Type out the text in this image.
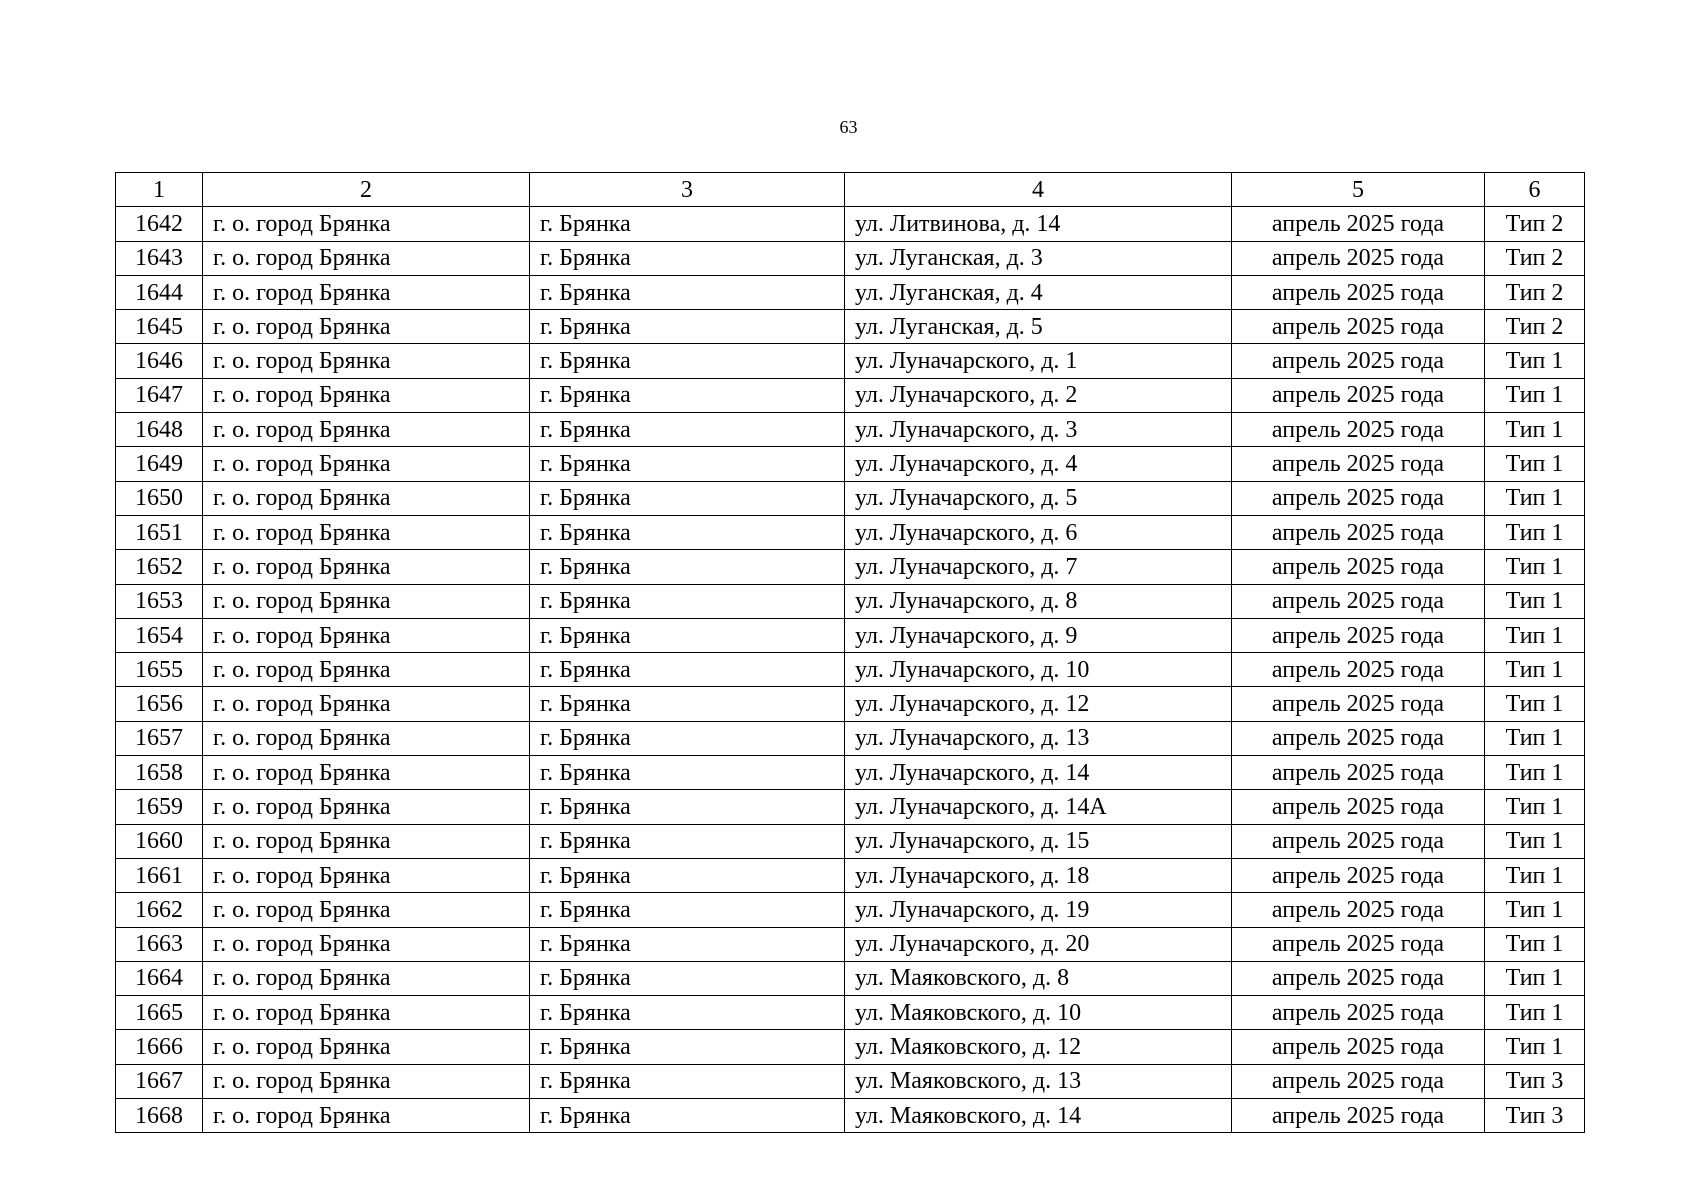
63
1	2	3	4	5	6
1642	г. о. город Брянка	г. Брянка	ул. Литвинова, д. 14	апрель 2025 года	Тип 2
1643	г. о. город Брянка	г. Брянка	ул. Луганская, д. 3	апрель 2025 года	Тип 2
1644	г. о. город Брянка	г. Брянка	ул. Луганская, д. 4	апрель 2025 года	Тип 2
1645	г. о. город Брянка	г. Брянка	ул. Луганская, д. 5	апрель 2025 года	Тип 2
1646	г. о. город Брянка	г. Брянка	ул. Луначарского, д. 1	апрель 2025 года	Тип 1
1647	г. о. город Брянка	г. Брянка	ул. Луначарского, д. 2	апрель 2025 года	Тип 1
1648	г. о. город Брянка	г. Брянка	ул. Луначарского, д. 3	апрель 2025 года	Тип 1
1649	г. о. город Брянка	г. Брянка	ул. Луначарского, д. 4	апрель 2025 года	Тип 1
1650	г. о. город Брянка	г. Брянка	ул. Луначарского, д. 5	апрель 2025 года	Тип 1
1651	г. о. город Брянка	г. Брянка	ул. Луначарского, д. 6	апрель 2025 года	Тип 1
1652	г. о. город Брянка	г. Брянка	ул. Луначарского, д. 7	апрель 2025 года	Тип 1
1653	г. о. город Брянка	г. Брянка	ул. Луначарского, д. 8	апрель 2025 года	Тип 1
1654	г. о. город Брянка	г. Брянка	ул. Луначарского, д. 9	апрель 2025 года	Тип 1
1655	г. о. город Брянка	г. Брянка	ул. Луначарского, д. 10	апрель 2025 года	Тип 1
1656	г. о. город Брянка	г. Брянка	ул. Луначарского, д. 12	апрель 2025 года	Тип 1
1657	г. о. город Брянка	г. Брянка	ул. Луначарского, д. 13	апрель 2025 года	Тип 1
1658	г. о. город Брянка	г. Брянка	ул. Луначарского, д. 14	апрель 2025 года	Тип 1
1659	г. о. город Брянка	г. Брянка	ул. Луначарского, д. 14А	апрель 2025 года	Тип 1
1660	г. о. город Брянка	г. Брянка	ул. Луначарского, д. 15	апрель 2025 года	Тип 1
1661	г. о. город Брянка	г. Брянка	ул. Луначарского, д. 18	апрель 2025 года	Тип 1
1662	г. о. город Брянка	г. Брянка	ул. Луначарского, д. 19	апрель 2025 года	Тип 1
1663	г. о. город Брянка	г. Брянка	ул. Луначарского, д. 20	апрель 2025 года	Тип 1
1664	г. о. город Брянка	г. Брянка	ул. Маяковского, д. 8	апрель 2025 года	Тип 1
1665	г. о. город Брянка	г. Брянка	ул. Маяковского, д. 10	апрель 2025 года	Тип 1
1666	г. о. город Брянка	г. Брянка	ул. Маяковского, д. 12	апрель 2025 года	Тип 1
1667	г. о. город Брянка	г. Брянка	ул. Маяковского, д. 13	апрель 2025 года	Тип 3
1668	г. о. город Брянка	г. Брянка	ул. Маяковского, д. 14	апрель 2025 года	Тип 3
